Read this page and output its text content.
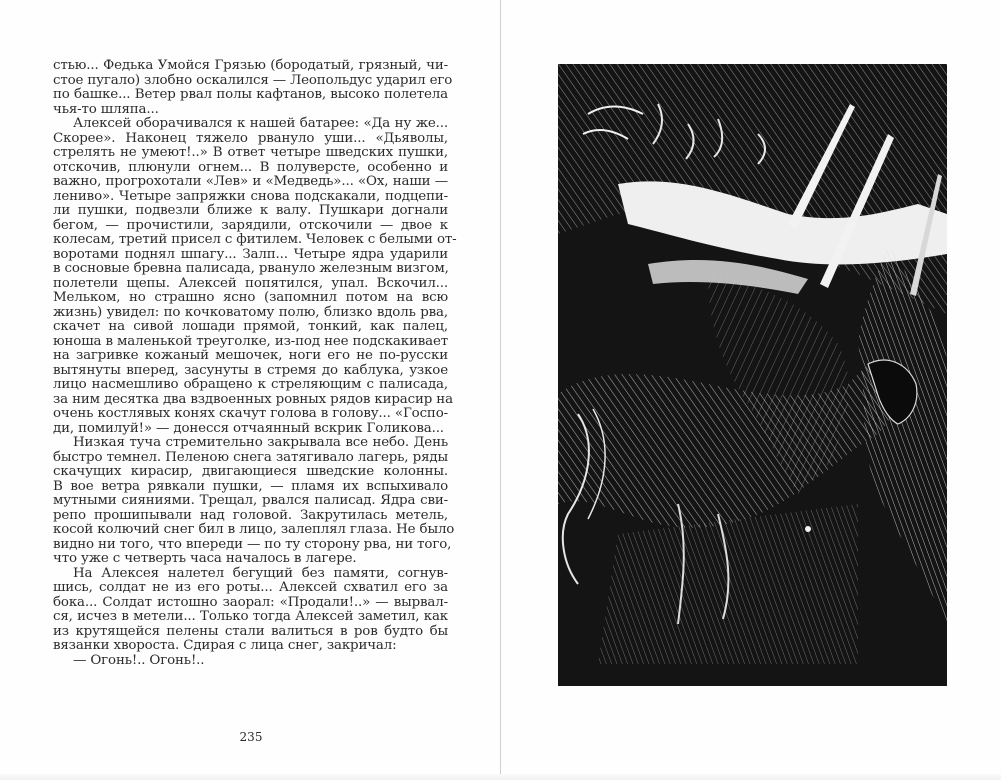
стью... Федька Умойся Грязью (бородатый, грязный, чи-
стое пугало) злобно оскалился — Леопольдус ударил его
по башке... Ветер рвал полы кафтанов, высоко полетела
чья-то шляпа...
Алексей оборачивался к нашей батарее: «Да ну же...
Скорее». Наконец тяжело рвануло уши... «Дьяволы,
стрелять не умеют!..» В ответ четыре шведских пушки,
отскочив, плюнули огнем... В полуверсте, особенно и
важно, прогрохотали «Лев» и «Медведь»... «Ох, наши —
лениво». Четыре запряжки снова подскакали, подцепи-
ли пушки, подвезли ближе к валу. Пушкари догнали
бегом, — прочистили, зарядили, отскочили — двое к
колесам, третий присел с фитилем. Человек с белыми от-
воротами поднял шпагу... Залп... Четыре ядра ударили
в сосновые бревна палисада, рвануло железным визгом,
полетели щепы. Алексей попятился, упал. Вскочил...
Мельком, но страшно ясно (запомнил потом на всю
жизнь) увидел: по кочковатому полю, близко вдоль рва,
скачет на сивой лошади прямой, тонкий, как палец,
юноша в маленькой треуголке, из-под нее подскакивает
на загривке кожаный мешочек, ноги его не по-русски
вытянуты вперед, засунуты в стремя до каблука, узкое
лицо насмешливо обращено к стреляющим с палисада,
за ним десятка два вздвоенных ровных рядов кирасир на
очень костлявых конях скачут голова в голову... «Госпо-
ди, помилуй!» — донесся отчаянный вскрик Голикова...
Низкая туча стремительно закрывала все небо. День
быстро темнел. Пеленою снега затягивало лагерь, ряды
скачущих кирасир, двигающиеся шведские колонны.
В вое ветра рявкали пушки, — пламя их вспыхивало
мутными сияниями. Трещал, рвался палисад. Ядра сви-
репо прошипывали над головой. Закрутилась метель,
косой колючий снег бил в лицо, залеплял глаза. Не было
видно ни того, что впереди — по ту сторону рва, ни того,
что уже с четверть часа началось в лагере.
На Алексея налетел бегущий без памяти, согнув-
шись, солдат не из его роты... Алексей схватил его за
бока... Солдат истошно заорал: «Продали!..» — вырвал-
ся, исчез в метели... Только тогда Алексей заметил, как
из крутящейся пелены стали валиться в ров будто бы
вязанки хвороста. Сдирая с лица снег, закричал:
— Огонь!.. Огонь!..
235
